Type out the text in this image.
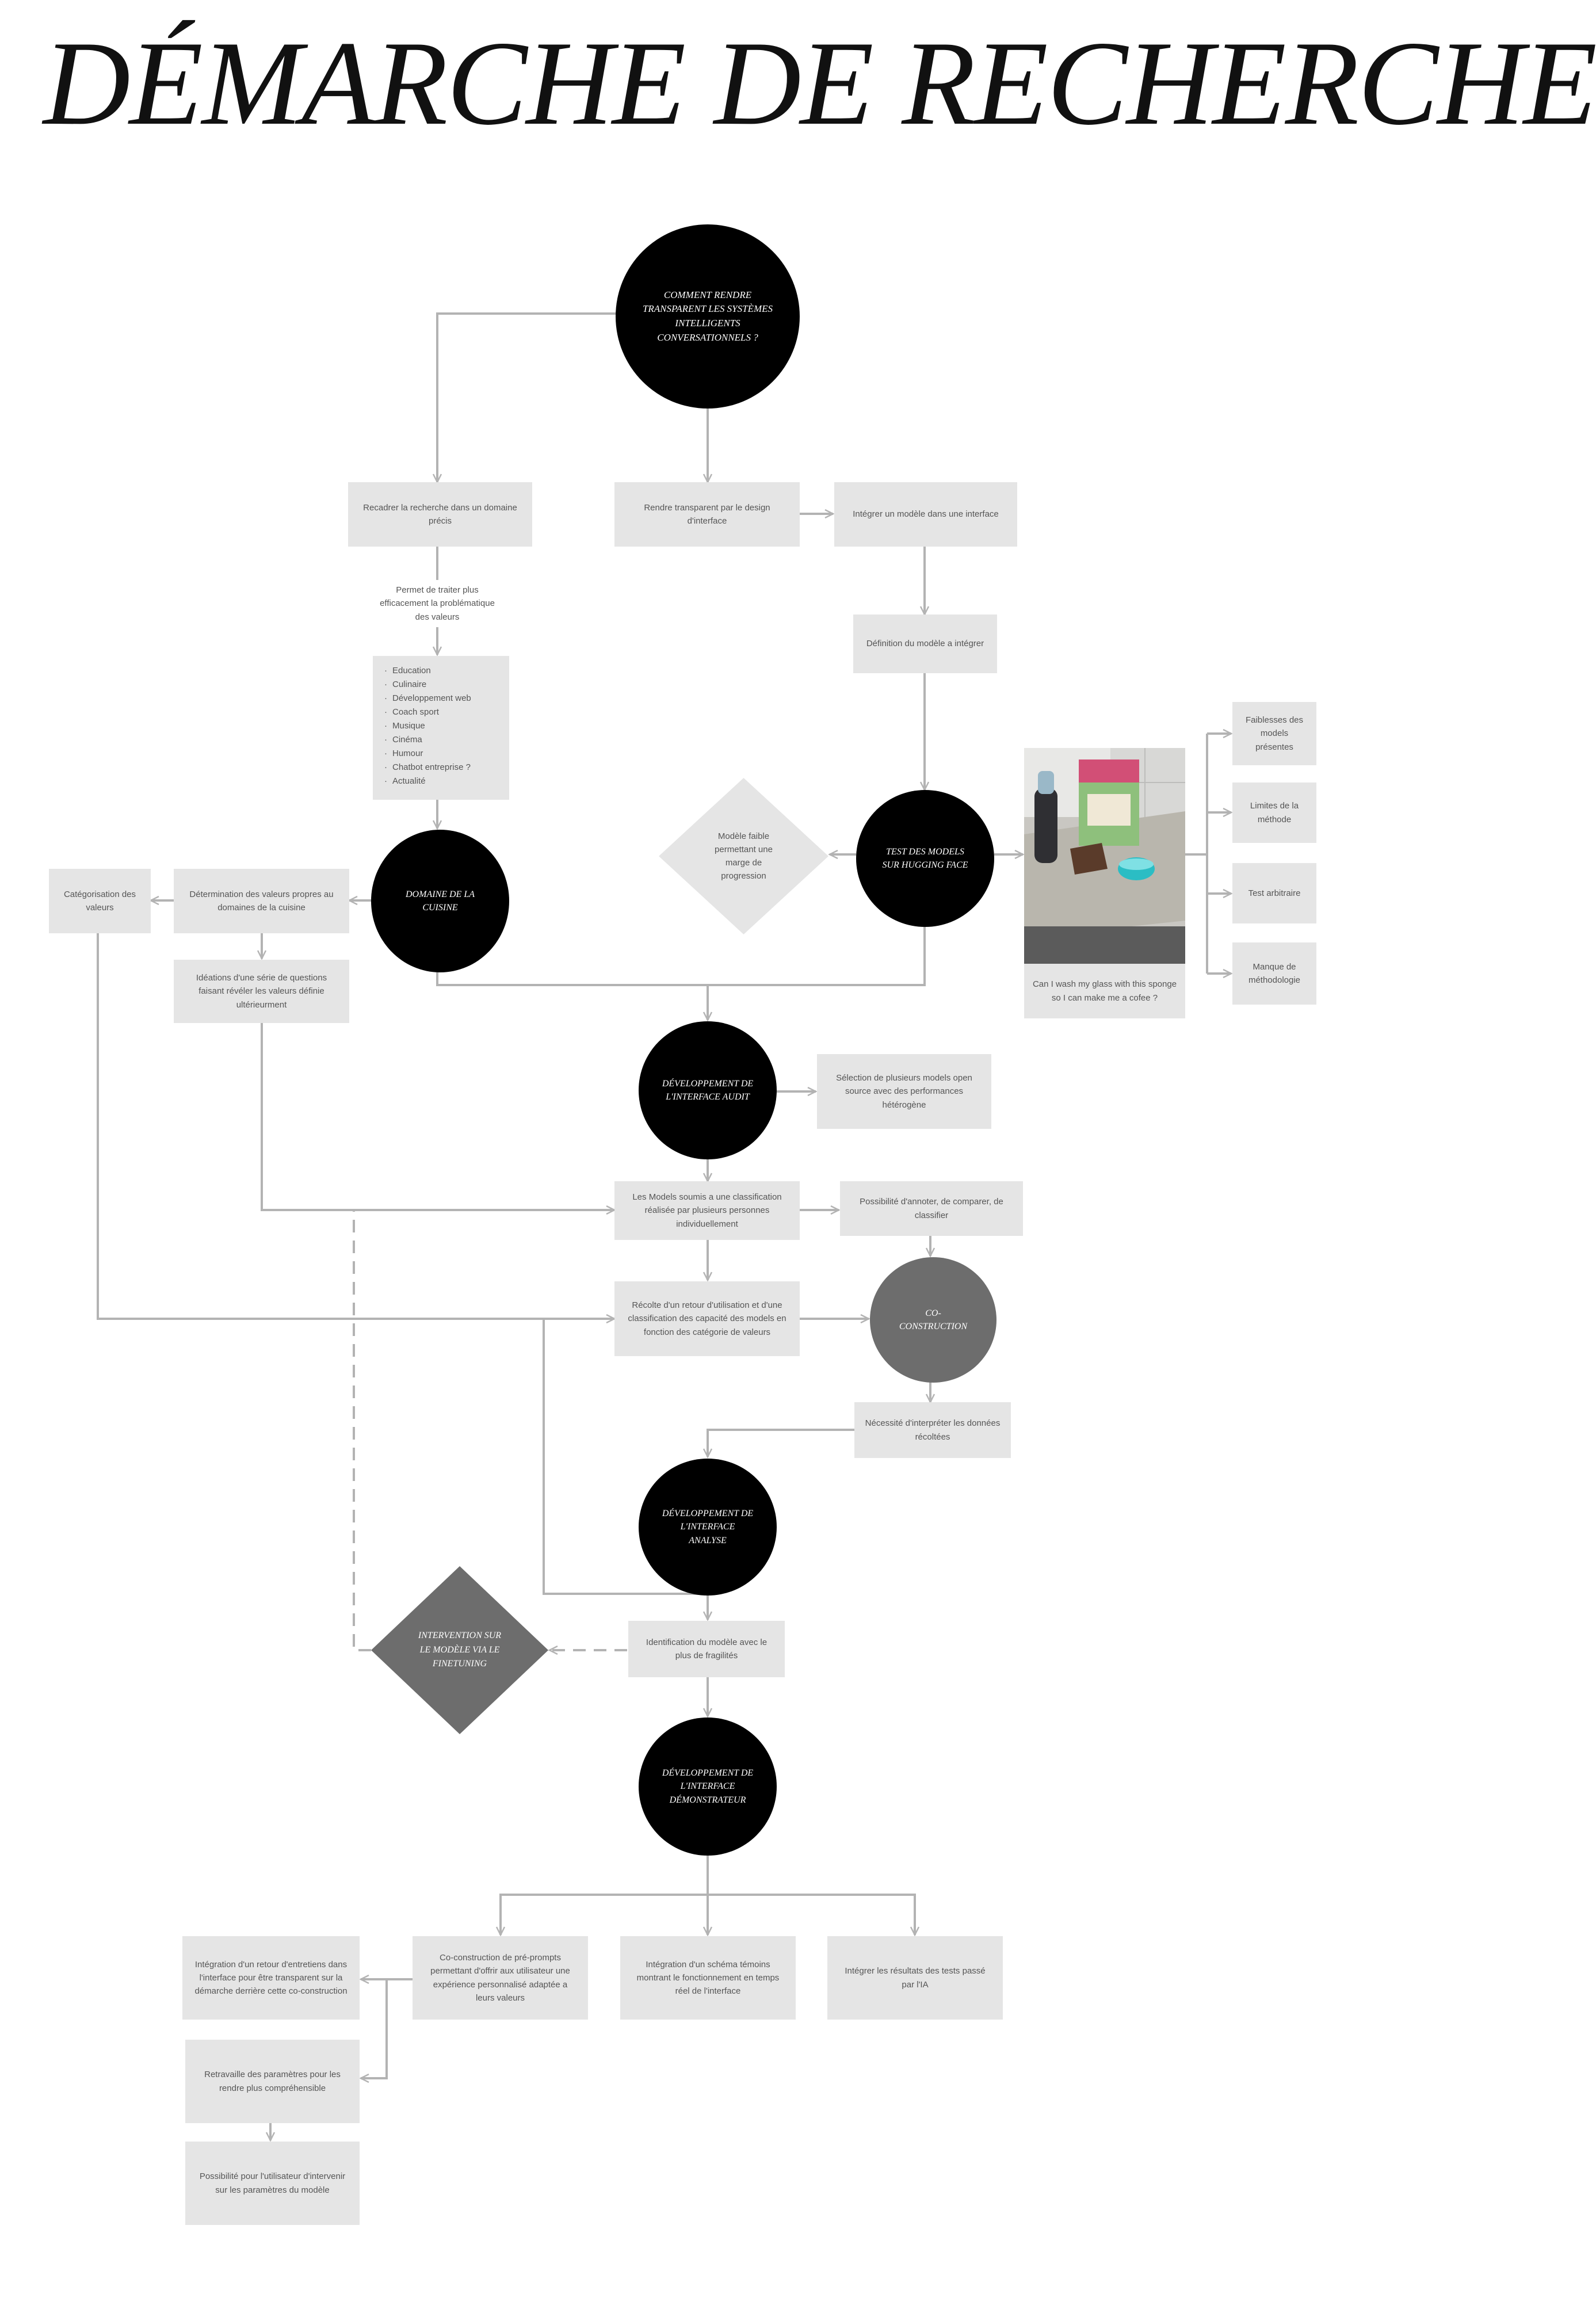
DÉMARCHE DE RECHERCHE
COMMENT RENDRE TRANSPARENT LES SYSTÈMES INTELLIGENTS CONVERSATIONNELS ?
Recadrer la recherche dans un domaine précis
Permet de traiter plus efficacement la problématique des valeurs
· Education
· Culinaire
· Développement web
· Coach sport
· Musique
· Cinéma
· Humour
· Chatbot entreprise ?
· Actualité
DOMAINE DE LA CUISINE
Détermination des valeurs propres au domaines de la cuisine
Catégorisation des valeurs
Idéations d'une série de questions faisant révéler les valeurs définie ultérieurment
Rendre transparent par le design d'interface
Intégrer un modèle dans une interface
Définition du modèle a intégrer
TEST DES MODELS SUR HUGGING FACE
Modèle faible permettant une marge de progression
Can I wash my glass with this sponge so I can make me a cofee ?
Faiblesses des models présentes
Limites de la méthode
Test arbitraire
Manque de méthodologie
DÉVELOPPEMENT DE L'INTERFACE AUDIT
Sélection de plusieurs models open source avec des performances hétérogène
Les Models soumis a une classification réalisée par plusieurs personnes individuellement
Possibilité d'annoter, de comparer, de classifier
Récolte d'un retour d'utilisation et d'une classification des capacité des models en fonction des catégorie de valeurs
CO-CONSTRUCTION
Nécessité d'interpréter les données récoltées
DÉVELOPPEMENT DE L'INTERFACE ANALYSE
Identification du modèle avec le plus de fragilités
INTERVENTION SUR LE MODÈLE VIA LE FINETUNING
DÉVELOPPEMENT DE L'INTERFACE DÉMONSTRATEUR
Co-construction de pré-prompts permettant d'offrir aux utilisateur une expérience personnalisé adaptée a leurs valeurs
Intégration d'un schéma témoins montrant le fonctionnement en temps réel de l'interface
Intégrer les résultats des tests passé par l'IA
Intégration d'un retour d'entretiens dans l'interface pour être transparent sur la démarche derrière cette co-construction
Retravaille des paramètres pour les rendre plus compréhensible
Possibilité pour l'utilisateur d'intervenir sur les paramètres du modèle
